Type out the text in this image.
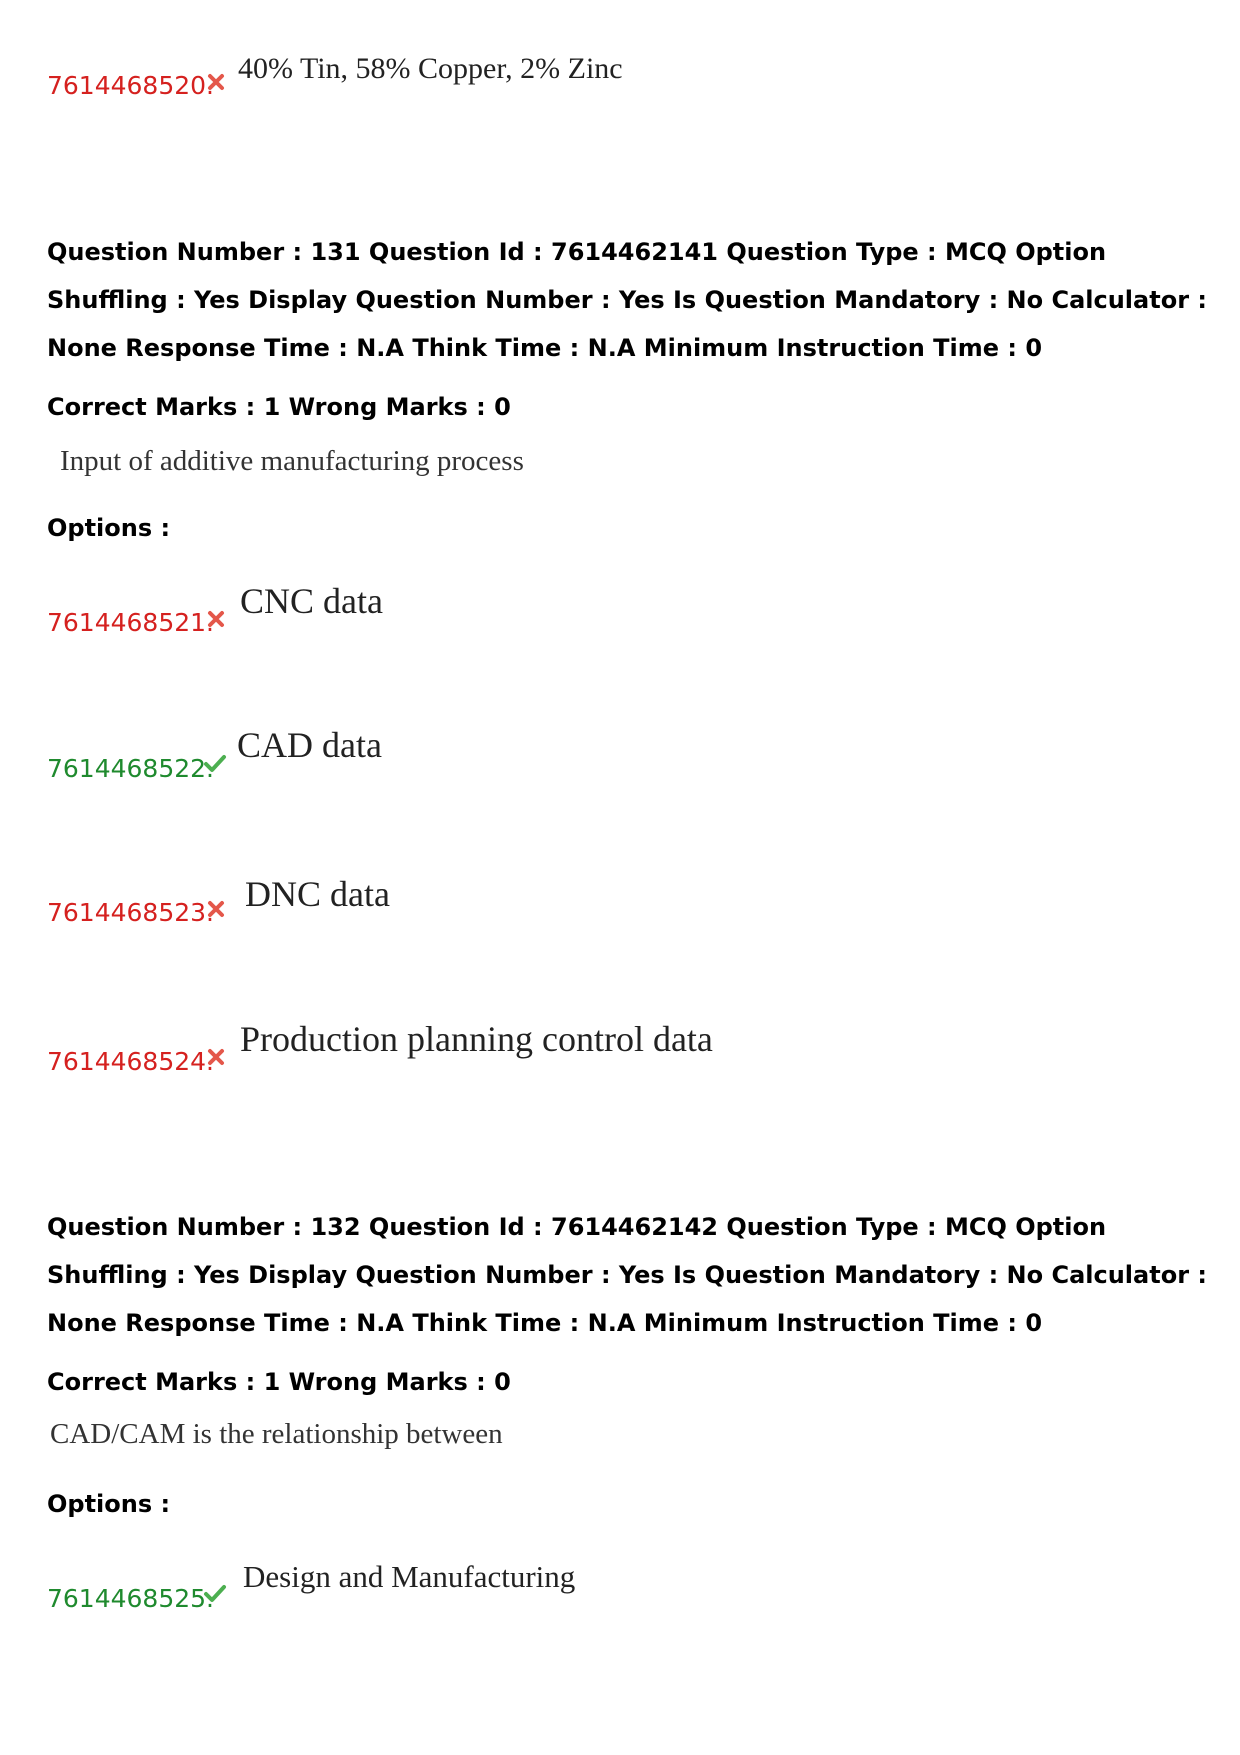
7614468520.
40% Tin, 58% Copper, 2% Zinc
Question Number : 131 Question Id : 7614462141 Question Type : MCQ Option Shuffling : Yes Display Question Number : Yes Is Question Mandatory : No Calculator : None Response Time : N.A Think Time : N.A Minimum Instruction Time : 0
Correct Marks : 1 Wrong Marks : 0
Input of additive manufacturing process
Options :
7614468521.
CNC data
7614468522.
CAD data
7614468523. DNC data
7614468524.
Production planning control data
Question Number : 132 Question Id : 7614462142 Question Type : MCQ Option Shuffling : Yes Display Question Number : Yes Is Question Mandatory : No Calculator : None Response Time : N.A Think Time : N.A Minimum Instruction Time : 0
Correct Marks : 1 Wrong Marks : 0
CAD/CAM is the relationship between
Options :
7614468525.
Design and Manufacturing
